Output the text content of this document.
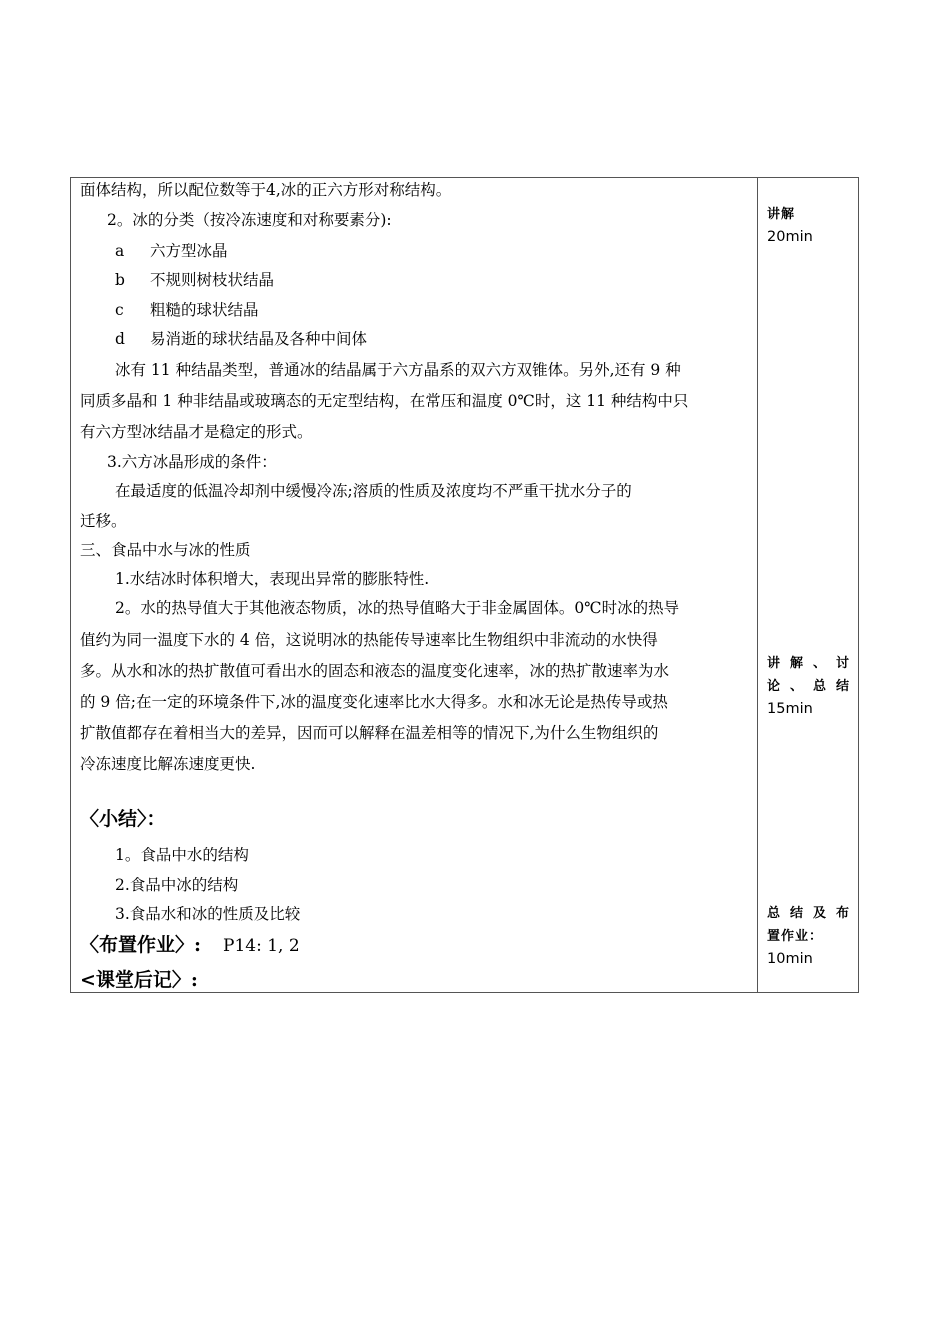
面体结构，所以配位数等于4,冰的正六方形对称结构。
2。冰的分类（按冷冻速度和对称要素分):
a 六方型冰晶
b 不规则树枝状结晶
c 粗糙的球状结晶
d 易消逝的球状结晶及各种中间体
冰有 11 种结晶类型，普通冰的结晶属于六方晶系的双六方双锥体。另外,还有 9 种
同质多晶和 1 种非结晶或玻璃态的无定型结构，在常压和温度 0℃时，这 11 种结构中只
有六方型冰结晶才是稳定的形式。
3.六方冰晶形成的条件：
在最适度的低温冷却剂中缓慢冷冻;溶质的性质及浓度均不严重干扰水分子的
迁移。
三、食品中水与冰的性质
1.水结冰时体积增大，表现出异常的膨胀特性.
2。水的热导值大于其他液态物质，冰的热导值略大于非金属固体。0℃时冰的热导
值约为同一温度下水的 4 倍，这说明冰的热能传导速率比生物组织中非流动的水快得
多。从水和冰的热扩散值可看出水的固态和液态的温度变化速率，冰的热扩散速率为水
的 9 倍;在一定的环境条件下,冰的温度变化速率比水大得多。水和冰无论是热传导或热
扩散值都存在着相当大的差异，因而可以解释在温差相等的情况下,为什么生物组织的
冷冻速度比解冻速度更快.
〈小结〉：
1。食品中水的结构
2.食品中冰的结构
3.食品水和冰的性质及比较
〈布置作业〉: P14: 1, 2
<课堂后记〉:
讲解
20min
讲 解 、 讨
论 、 总 结
15min
总 结 及 布
置作业：
10min
